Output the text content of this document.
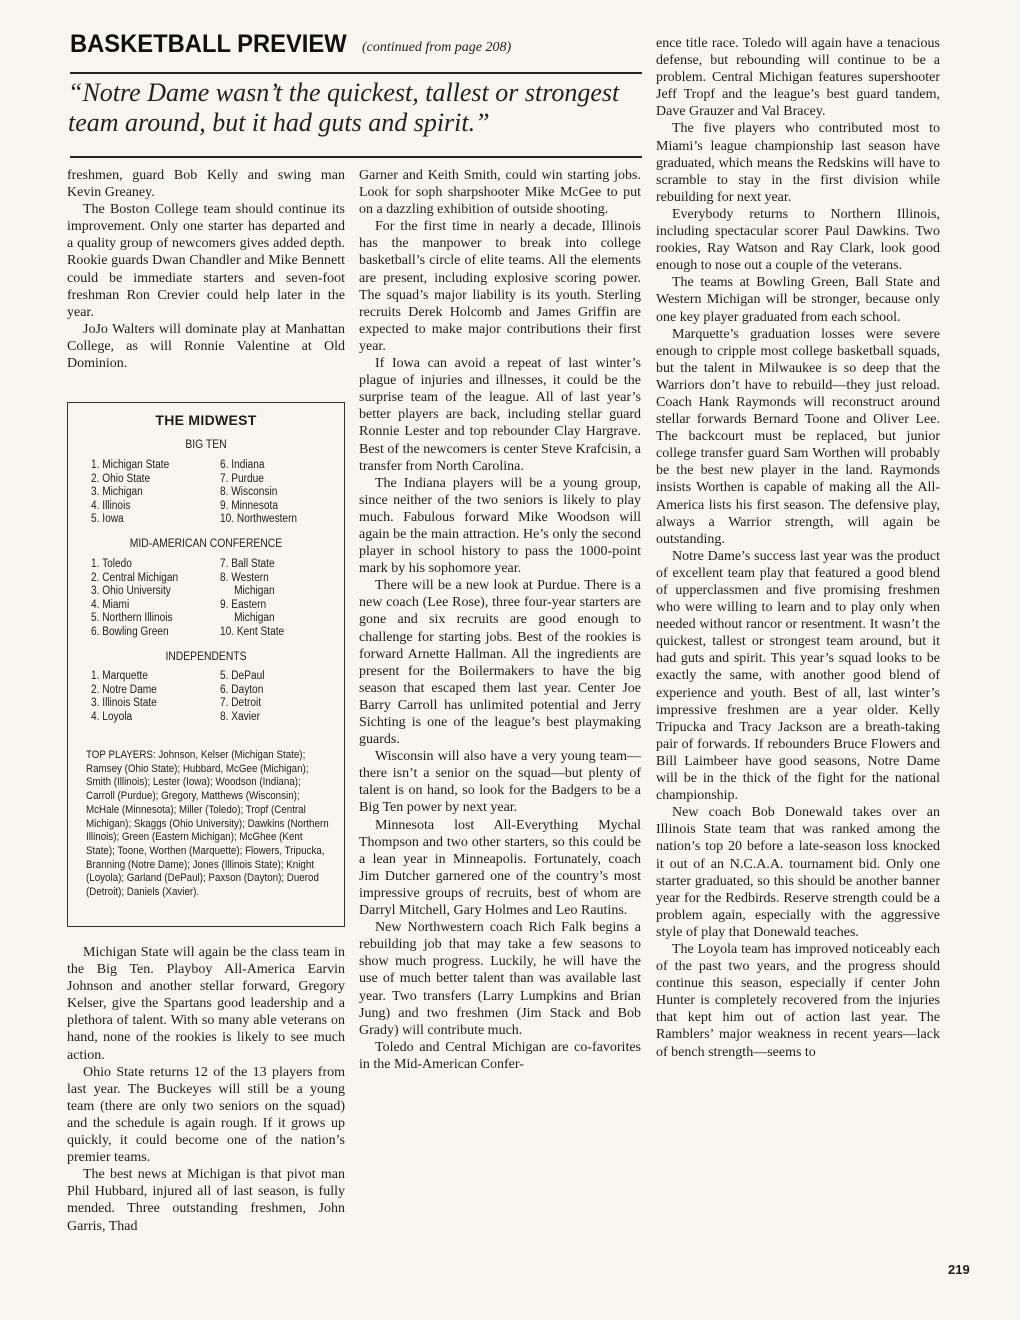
BASKETBALL PREVIEW (continued from page 208)
“Notre Dame wasn’t the quickest, tallest or strongest team around, but it had guts and spirit.”

freshmen, guard Bob Kelly and swing man Kevin Greaney.

The Boston College team should continue its improvement. Only one starter has departed and a quality group of newcomers gives added depth. Rookie guards Dwan Chandler and Mike Bennett could be immediate starters and seven-foot freshman Ron Crevier could help later in the year.

JoJo Walters will dominate play at Manhattan College, as will Ronnie Valentine at Old Dominion.

THE MIDWEST
BIG TEN
1. Michigan State
2. Ohio State
3. Michigan
4. Illinois
5. Iowa
6. Indiana
7. Purdue
8. Wisconsin
9. Minnesota
10. Northwestern
MID-AMERICAN CONFERENCE
1. Toledo
2. Central Michigan
3. Ohio University
4. Miami
5. Northern Illinois
6. Bowling Green
7. Ball State
8. Western
Michigan
9. Eastern
Michigan
10. Kent State
INDEPENDENTS
1. Marquette
2. Notre Dame
3. Illinois State
4. Loyola
5. DePaul
6. Dayton
7. Detroit
8. Xavier
TOP PLAYERS: Johnson, Kelser (Michigan State); Ramsey (Ohio State); Hubbard, McGee (Michigan); Smith (Illinois); Lester (Iowa); Woodson (Indiana); Carroll (Purdue); Gregory, Matthews (Wisconsin); McHale (Minnesota); Miller (Toledo); Tropf (Central Michigan); Skaggs (Ohio University); Dawkins (Northern Illinois); Green (Eastern Michigan); McGhee (Kent State); Toone, Worthen (Marquette); Flowers, Tripucka, Branning (Notre Dame); Jones (Illinois State); Knight (Loyola); Garland (DePaul); Paxson (Dayton); Duerod (Detroit); Daniels (Xavier).

Michigan State will again be the class team in the Big Ten. Playboy All-America Earvin Johnson and another stellar forward, Gregory Kelser, give the Spartans good leadership and a plethora of talent. With so many able veterans on hand, none of the rookies is likely to see much action.

Ohio State returns 12 of the 13 players from last year. The Buckeyes will still be a young team (there are only two seniors on the squad) and the schedule is again rough. If it grows up quickly, it could become one of the nation’s premier teams.

The best news at Michigan is that pivot man Phil Hubbard, injured all of last season, is fully mended. Three outstanding freshmen, John Garris, Thad

Garner and Keith Smith, could win starting jobs. Look for soph sharpshooter Mike McGee to put on a dazzling exhibition of outside shooting.

For the first time in nearly a decade, Illinois has the manpower to break into college basketball’s circle of elite teams. All the elements are present, including explosive scoring power. The squad’s major liability is its youth. Sterling recruits Derek Holcomb and James Griffin are expected to make major contributions their first year.

If Iowa can avoid a repeat of last winter’s plague of injuries and illnesses, it could be the surprise team of the league. All of last year’s better players are back, including stellar guard Ronnie Lester and top rebounder Clay Hargrave. Best of the newcomers is center Steve Krafcisin, a transfer from North Carolina.

The Indiana players will be a young group, since neither of the two seniors is likely to play much. Fabulous forward Mike Woodson will again be the main attraction. He’s only the second player in school history to pass the 1000-point mark by his sophomore year.

There will be a new look at Purdue. There is a new coach (Lee Rose), three four-year starters are gone and six recruits are good enough to challenge for starting jobs. Best of the rookies is forward Arnette Hallman. All the ingredients are present for the Boilermakers to have the big season that escaped them last year. Center Joe Barry Carroll has unlimited potential and Jerry Sichting is one of the league’s best playmaking guards.

Wisconsin will also have a very young team—there isn’t a senior on the squad—but plenty of talent is on hand, so look for the Badgers to be a Big Ten power by next year.

Minnesota lost All-Everything Mychal Thompson and two other starters, so this could be a lean year in Minneapolis. Fortunately, coach Jim Dutcher garnered one of the country’s most impressive groups of recruits, best of whom are Darryl Mitchell, Gary Holmes and Leo Rautins.

New Northwestern coach Rich Falk begins a rebuilding job that may take a few seasons to show much progress. Luckily, he will have the use of much better talent than was available last year. Two transfers (Larry Lumpkins and Brian Jung) and two freshmen (Jim Stack and Bob Grady) will contribute much.

Toledo and Central Michigan are co-favorites in the Mid-American Confer-

ence title race. Toledo will again have a tenacious defense, but rebounding will continue to be a problem. Central Michigan features supershooter Jeff Tropf and the league’s best guard tandem, Dave Grauzer and Val Bracey.

The five players who contributed most to Miami’s league championship last season have graduated, which means the Redskins will have to scramble to stay in the first division while rebuilding for next year.

Everybody returns to Northern Illinois, including spectacular scorer Paul Dawkins. Two rookies, Ray Watson and Ray Clark, look good enough to nose out a couple of the veterans.

The teams at Bowling Green, Ball State and Western Michigan will be stronger, because only one key player graduated from each school.

Marquette’s graduation losses were severe enough to cripple most college basketball squads, but the talent in Milwaukee is so deep that the Warriors don’t have to rebuild—they just reload. Coach Hank Raymonds will reconstruct around stellar forwards Bernard Toone and Oliver Lee. The backcourt must be replaced, but junior college transfer guard Sam Worthen will probably be the best new player in the land. Raymonds insists Worthen is capable of making all the All-America lists his first season. The defensive play, always a Warrior strength, will again be outstanding.

Notre Dame’s success last year was the product of excellent team play that featured a good blend of upperclassmen and five promising freshmen who were willing to learn and to play only when needed without rancor or resentment. It wasn’t the quickest, tallest or strongest team around, but it had guts and spirit. This year’s squad looks to be exactly the same, with another good blend of experience and youth. Best of all, last winter’s impressive freshmen are a year older. Kelly Tripucka and Tracy Jackson are a breath-taking pair of forwards. If rebounders Bruce Flowers and Bill Laimbeer have good seasons, Notre Dame will be in the thick of the fight for the national championship.

New coach Bob Donewald takes over an Illinois State team that was ranked among the nation’s top 20 before a late-season loss knocked it out of an N.C.A.A. tournament bid. Only one starter graduated, so this should be another banner year for the Redbirds. Reserve strength could be a problem again, especially with the aggressive style of play that Donewald teaches.

The Loyola team has improved noticeably each of the past two years, and the progress should continue this season, especially if center John Hunter is completely recovered from the injuries that kept him out of action last year. The Ramblers’ major weakness in recent years—lack of bench strength—seems to

219
